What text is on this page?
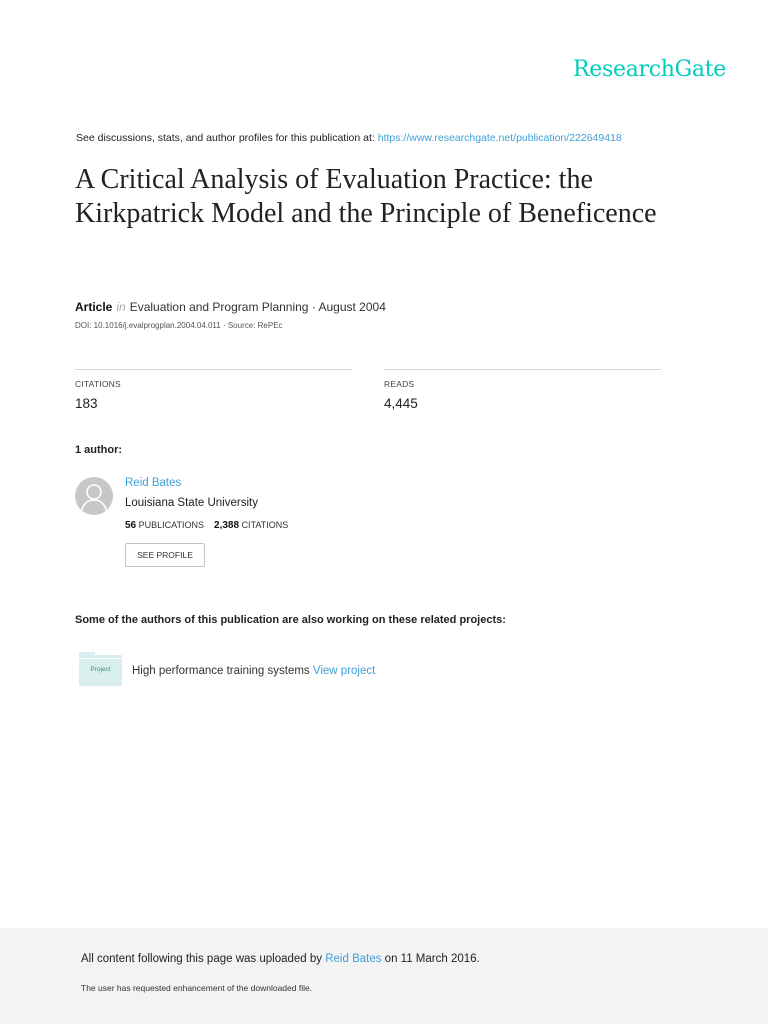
ResearchGate
See discussions, stats, and author profiles for this publication at: https://www.researchgate.net/publication/222649418
A Critical Analysis of Evaluation Practice: the Kirkpatrick Model and the Principle of Beneficence
Article in Evaluation and Program Planning · August 2004
DOI: 10.1016/j.evalprogplan.2004.04.011 · Source: RePEc
CITATIONS
183
READS
4,445
1 author:
Reid Bates
Louisiana State University
56 PUBLICATIONS 2,388 CITATIONS
SEE PROFILE
Some of the authors of this publication are also working on these related projects:
Project	High performance training systems View project
All content following this page was uploaded by Reid Bates on 11 March 2016.
The user has requested enhancement of the downloaded file.
